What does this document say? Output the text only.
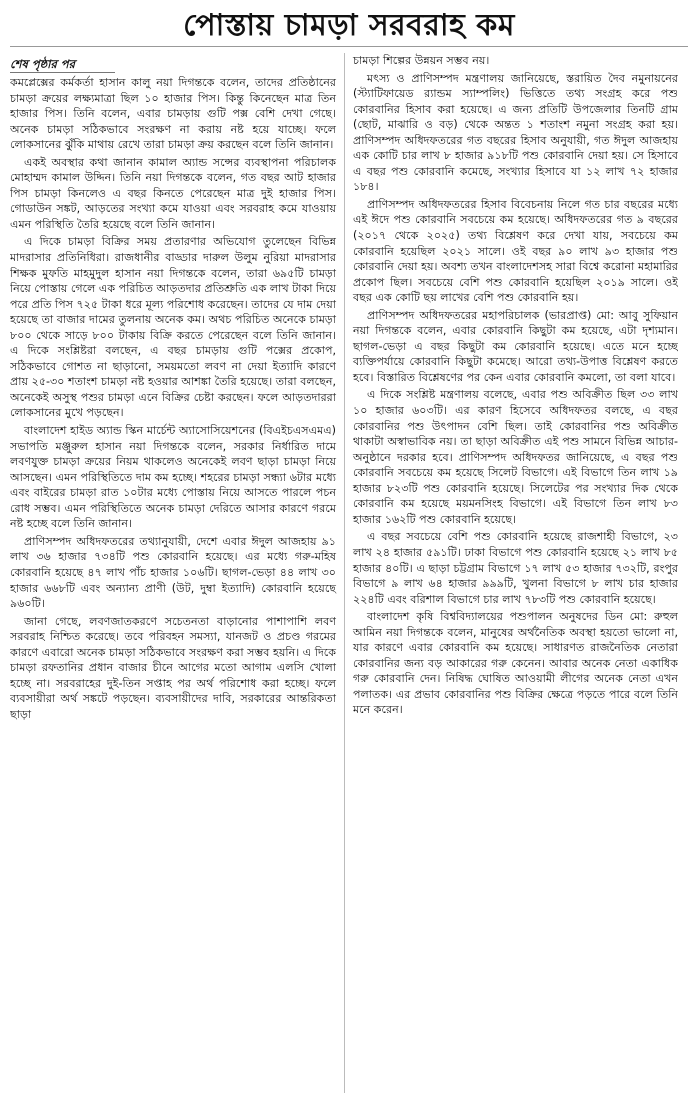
পোস্তায় চামড়া সরবরাহ কম
শেষ পৃষ্ঠার পর

কমপ্লেক্সের কর্মকর্তা হাসান কালু নয়া দিগন্তকে বলেন, তাদের প্রতিষ্ঠানের চামড়া ক্রয়ের লক্ষ্যমাত্রা ছিল ১০ হাজার পিস। কিন্তু কিনেছেন মাত্র তিন হাজার পিস। তিনি বলেন, এবার চামড়ায় গুটি পক্স বেশি দেখা গেছে। অনেক চামড়া সঠিকভাবে সংরক্ষণ না করায় নষ্ট হয়ে যাচ্ছে। ফলে লোকসানের ঝুঁকি মাথায় রেখে তারা চামড়া ক্রয় করছেন বলে তিনি জানান।

একই অবস্থার কথা জানান কামাল অ্যান্ড সন্সের ব্যবস্থাপনা পরিচালক মোহাম্মদ কামাল উদ্দিন। তিনি নয়া দিগন্তকে বলেন, গত বছর আট হাজার পিস চামড়া কিনলেও এ বছর কিনতে পেরেছেন মাত্র দুই হাজার পিস। গোডাউন সঙ্কট, আড়তের সংখ্যা কমে যাওয়া এবং সরবরাহ কমে যাওয়ায় এমন পরিস্থিতি তৈরি হয়েছে বলে তিনি জানান।

এ দিকে চামড়া বিক্রির সময় প্রতারণার অভিযোগ তুলেছেন বিভিন্ন মাদরাসার প্রতিনিধিরা। রাজধানীর বাড্ডার দারুল উলুম নুরিয়া মাদরাসার শিক্ষক মুফতি মাহমুদুল হাসান নয়া দিগন্তকে বলেন, তারা ৬৯৫টি চামড়া নিয়ে পোস্তায় গেলে এক পরিচিত আড়তদার প্রতিশ্রুতি এক লাখ টাকা দিয়ে পরে প্রতি পিস ৭২৫ টাকা ধরে মূল্য পরিশোধ করেছেন। তাদের যে দাম দেয়া হয়েছে তা বাজার দামের তুলনায় অনেক কম। অথচ পরিচিত অনেকে চামড়া ৮০০ থেকে সাড়ে ৮০০ টাকায় বিক্রি করতে পেরেছেন বলে তিনি জানান। এ দিকে সংশ্লিষ্টরা বলছেন, এ বছর চামড়ায় গুটি পক্সের প্রকোপ, সঠিকভাবে গোশত না ছাড়ানো, সময়মতো লবণ না দেয়া ইত্যাদি কারণে প্রায় ২৫-৩০ শতাংশ চামড়া নষ্ট হওয়ার আশঙ্কা তৈরি হয়েছে। তারা বলছেন, অনেকেই অসুস্থ পশুর চামড়া এনে বিক্রির চেষ্টা করছেন। ফলে আড়তদাররা লোকসানের মুখে পড়ছেন।

বাংলাদেশ হাইড অ্যান্ড স্কিন মার্চেন্ট অ্যাসোসিয়েশনের (বিএইচএসএমএ) সভাপতি মঞ্জুরুল হাসান নয়া দিগন্তকে বলেন, সরকার নির্ধারিত দামে লবণযুক্ত চামড়া ক্রয়ের নিয়ম থাকলেও অনেকেই লবণ ছাড়া চামড়া নিয়ে আসছেন। এমন পরিস্থিতিতে দাম কম হচ্ছে। শহরের চামড়া সন্ধ্যা ৬টার মধ্যে এবং বাইরের চামড়া রাত ১০টার মধ্যে পোস্তায় নিয়ে আসতে পারলে পচন রোধ সম্ভব। এমন পরিস্থিতিতে অনেক চামড়া দেরিতে আসার কারণে গরমে নষ্ট হচ্ছে বলে তিনি জানান।

প্রাণিসম্পদ অধিদফতরের তথ্যানুযায়ী, দেশে এবার ঈদুল আজহায় ৯১ লাখ ৩৬ হাজার ৭৩৪টি পশু কোরবানি হয়েছে। এর মধ্যে গরু-মহিষ কোরবানি হয়েছে ৪৭ লাখ পাঁচ হাজার ১০৬টি। ছাগল-ভেড়া ৪৪ লাখ ৩০ হাজার ৬৬৮টি এবং অন্যান্য প্রাণী (উট, দুম্বা ইত্যাদি) কোরবানি হয়েছে ৯৬০টি।

জানা গেছে, লবণজাতকরণে সচেতনতা বাড়ানোর পাশাপাশি লবণ সরবরাহ নিশ্চিত করেছে। তবে পরিবহন সমস্যা, যানজট ও প্রচণ্ড গরমের কারণে এবারো অনেক চামড়া সঠিকভাবে সংরক্ষণ করা সম্ভব হয়নি। এ দিকে চামড়া রফতানির প্রধান বাজার চীনে আগের মতো আগাম এলসি খোলা হচ্ছে না। সরবরাহের দুই-তিন সপ্তাহ পর অর্থ পরিশোধ করা হচ্ছে। ফলে ব্যবসায়ীরা অর্থ সঙ্কটে পড়ছেন। ব্যবসায়ীদের দাবি, সরকারের আন্তরিকতা ছাড়া

চামড়া শিল্পের উন্নয়ন সম্ভব নয়।

মৎস্য ও প্রাণিসম্পদ মন্ত্রণালয় জানিয়েছে, স্তরায়িত দৈব নমুনায়নের (স্ট্যাটিফায়েড র‍্যান্ডম স্যাম্পলিং) ভিত্তিতে তথ্য সংগ্রহ করে পশু কোরবানির হিসাব করা হয়েছে। এ জন্য প্রতিটি উপজেলার তিনটি গ্রাম (ছোট, মাঝারি ও বড়) থেকে অন্তত ১ শতাংশ নমুনা সংগ্রহ করা হয়। প্রাণিসম্পদ অধিদফতরের গত বছরের হিসাব অনুযায়ী, গত ঈদুল আজহায় এক কোটি চার লাখ ৮ হাজার ৯১৮টি পশু কোরবানি দেয়া হয়। সে হিসাবে এ বছর পশু কোরবানি কমেছে, সংখ্যার হিসাবে যা ১২ লাখ ৭২ হাজার ১৮৪।

প্রাণিসম্পদ অধিদফতরের হিসাব বিবেচনায় নিলে গত চার বছরের মধ্যে এই ঈদে পশু কোরবানি সবচেয়ে কম হয়েছে। অধিদফতরের গত ৯ বছরের (২০১৭ থেকে ২০২৫) তথ্য বিশ্লেষণ করে দেখা যায়, সবচেয়ে কম কোরবানি হয়েছিল ২০২১ সালে। ওই বছর ৯০ লাখ ৯৩ হাজার পশু কোরবানি দেয়া হয়। অবশ্য তখন বাংলাদেশসহ সারা বিশ্বে করোনা মহামারির প্রকোপ ছিল। সবচেয়ে বেশি পশু কোরবানি হয়েছিল ২০১৯ সালে। ওই বছর এক কোটি ছয় লাখের বেশি পশু কোরবানি হয়।

প্রাণিসম্পদ অধিদফতরের মহাপরিচালক (ভারপ্রাপ্ত) মো: আবু সুফিয়ান নয়া দিগন্তকে বলেন, এবার কোরবানি কিছুটা কম হয়েছে, এটা দৃশ্যমান। ছাগল-ভেড়া এ বছর কিছুটা কম কোরবানি হয়েছে। এতে মনে হচ্ছে ব্যক্তিপর্যায়ে কোরবানি কিছুটা কমেছে। আরো তথ্য-উপাত্ত বিশ্লেষণ করতে হবে। বিস্তারিত বিশ্লেষণের পর কেন এবার কোরবানি কমলো, তা বলা যাবে।

এ দিকে সংশ্লিষ্ট মন্ত্রণালয় বলেছে, এবার পশু অবিক্রীত ছিল ৩৩ লাখ ১০ হাজার ৬০৩টি। এর কারণ হিসেবে অধিদফতর বলছে, এ বছর কোরবানির পশু উৎপাদন বেশি ছিল। তাই কোরবানির পশু অবিক্রীত থাকাটা অস্বাভাবিক নয়। তা ছাড়া অবিক্রীত এই পশু সামনে বিভিন্ন আচার-অনুষ্ঠানে দরকার হবে। প্রাণিসম্পদ অধিদফতর জানিয়েছে, এ বছর পশু কোরবানি সবচেয়ে কম হয়েছে সিলেট বিভাগে। এই বিভাগে তিন লাখ ১৯ হাজার ৮২৩টি পশু কোরবানি হয়েছে। সিলেটের পর সংখ্যার দিক থেকে কোরবানি কম হয়েছে ময়মনসিংহ বিভাগে। এই বিভাগে তিন লাখ ৮৩ হাজার ১৬২টি পশু কোরবানি হয়েছে।

এ বছর সবচেয়ে বেশি পশু কোরবানি হয়েছে রাজশাহী বিভাগে, ২৩ লাখ ২৪ হাজার ৫৯১টি। ঢাকা বিভাগে পশু কোরবানি হয়েছে ২১ লাখ ৮৫ হাজার ৪০টি। এ ছাড়া চট্টগ্রাম বিভাগে ১৭ লাখ ৫৩ হাজার ৭৩২টি, রংপুর বিভাগে ৯ লাখ ৬৪ হাজার ৯৯৯টি, খুলনা বিভাগে ৮ লাখ চার হাজার ২২৪টি এবং বরিশাল বিভাগে চার লাখ ৭৮৩টি পশু কোরবানি হয়েছে।

বাংলাদেশ কৃষি বিশ্ববিদ্যালয়ের পশুপালন অনুষদের ডিন মো: রুহুল আমিন নয়া দিগন্তকে বলেন, মানুষের অর্থনৈতিক অবস্থা হয়তো ভালো না, যার কারণে এবার কোরবানি কম হয়েছে। সাধারণত রাজনৈতিক নেতারা কোরবানির জন্য বড় আকারের গরু কেনেন। আবার অনেক নেতা একাধিক গরু কোরবানি দেন। নিষিদ্ধ ঘোষিত আওয়ামী লীগের অনেক নেতা এখন পলাতক। এর প্রভাব কোরবানির পশু বিক্রির ক্ষেত্রে পড়তে পারে বলে তিনি মনে করেন।
